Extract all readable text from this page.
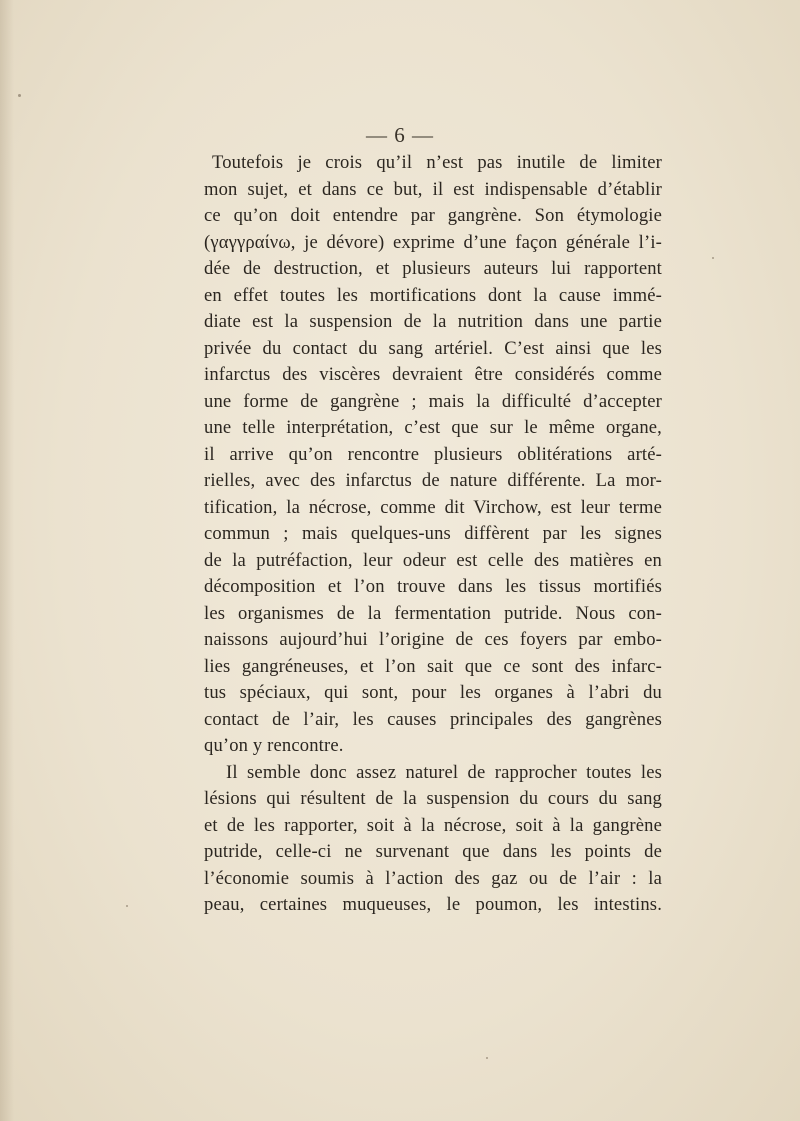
— 6 —
Toutefois je crois qu’il n’est pas inutile de limiter
mon sujet, et dans ce but, il est indispensable d’établir
ce qu’on doit entendre par gangrène. Son étymologie
(γαγγραίνω, je dévore) exprime d’une façon générale l’i-
dée de destruction, et plusieurs auteurs lui rapportent
en effet toutes les mortifications dont la cause immé-
diate est la suspension de la nutrition dans une partie
privée du contact du sang artériel. C’est ainsi que les
infarctus des viscères devraient être considérés comme
une forme de gangrène ; mais la difficulté d’accepter
une telle interprétation, c’est que sur le même organe,
il arrive qu’on rencontre plusieurs oblitérations arté-
rielles, avec des infarctus de nature différente. La mor-
tification, la nécrose, comme dit Virchow, est leur terme
commun ; mais quelques-uns diffèrent par les signes
de la putréfaction, leur odeur est celle des matières en
décomposition et l’on trouve dans les tissus mortifiés
les organismes de la fermentation putride. Nous con-
naissons aujourd’hui l’origine de ces foyers par embo-
lies gangréneuses, et l’on sait que ce sont des infarc-
tus spéciaux, qui sont, pour les organes à l’abri du
contact de l’air, les causes principales des gangrènes
qu’on y rencontre.
Il semble donc assez naturel de rapprocher toutes les
lésions qui résultent de la suspension du cours du sang
et de les rapporter, soit à la nécrose, soit à la gangrène
putride, celle-ci ne survenant que dans les points de
l’économie soumis à l’action des gaz ou de l’air : la
peau, certaines muqueuses, le poumon, les intestins.
